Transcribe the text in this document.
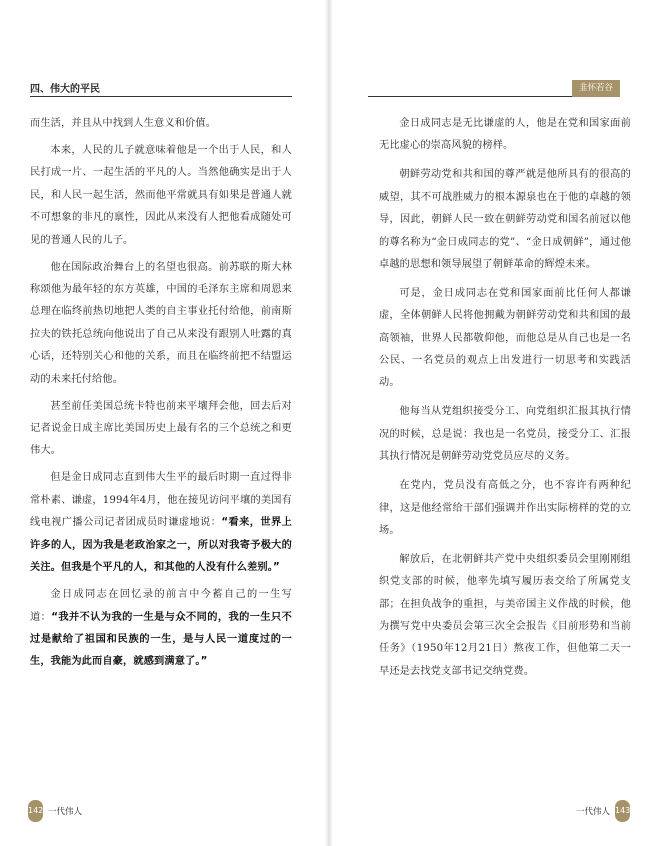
四、伟大的平民

而生活，并且从中找到人生意义和价值。

本来，人民的儿子就意味着他是一个出于人民，和人民打成一片、一起生活的平凡的人。当然他确实是出于人民，和人民一起生活，然而他平常就具有如果是普通人就不可想象的非凡的禀性，因此从来没有人把他看成随处可见的普通人民的儿子。

他在国际政治舞台上的名望也很高。前苏联的斯大林称颂他为最年轻的东方英雄，中国的毛泽东主席和周恩来总理在临终前热切地把人类的自主事业托付给他，前南斯拉夫的铁托总统向他说出了自己从来没有跟别人吐露的真心话，还特别关心和他的关系，而且在临终前把不结盟运动的未来托付给他。

甚至前任美国总统卡特也前来平壤拜会他，回去后对记者说金日成主席比美国历史上最有名的三个总统之和更伟大。

但是金日成同志直到伟大生平的最后时期一直过得非常朴素、谦虚，1994年4月，他在接见访问平壤的美国有线电视广播公司记者团成员时谦虚地说：“看来，世界上许多的人，因为我是老政治家之一，所以对我寄予极大的关注。但我是个平凡的人，和其他的人没有什么差别。”

金日成同志在回忆录的前言中今蓄自己的一生写道：“我并不认为我的一生是与众不同的，我的一生只不过是献给了祖国和民族的一生，是与人民一道度过的一生，我能为此而自豪，就感到满意了。”

142 一代伟人
韭怀若谷

金日成同志是无比谦虚的人，他是在党和国家面前无比虚心的崇高风貌的榜样。

朝鲜劳动党和共和国的尊严就是他所具有的很高的威望，其不可战胜威力的根本源泉也在于他的卓越的领导，因此，朝鲜人民一致在朝鲜劳动党和国名前冠以他的尊名称为“金日成同志的党”、“金日成朝鲜”，通过他卓越的思想和领导展望了朝鲜革命的辉煌未来。

可是，金日成同志在党和国家面前比任何人都谦虚，全体朝鲜人民将他拥戴为朝鲜劳动党和共和国的最高领袖，世界人民都敬仰他，而他总是从自己也是一名公民、一名党员的观点上出发进行一切思考和实践活动。

他每当从党组织接受分工、向党组织汇报其执行情况的时候，总是说：我也是一名党员，接受分工、汇报其执行情况是朝鲜劳动党党员应尽的义务。

在党内，党员没有高低之分，也不容许有两种纪律，这是他经常给干部们强调并作出实际榜样的党的立场。

解放后，在北朝鲜共产党中央组织委员会里刚刚组织党支部的时候，他率先填写履历表交给了所属党支部；在担负战争的重担，与美帝国主义作战的时候，他为撰写党中央委员会第三次全会报告《目前形势和当前任务》（1950年12月21日）熬夜工作，但他第二天一早还是去找党支部书记交纳党费。

一代伟人 143
